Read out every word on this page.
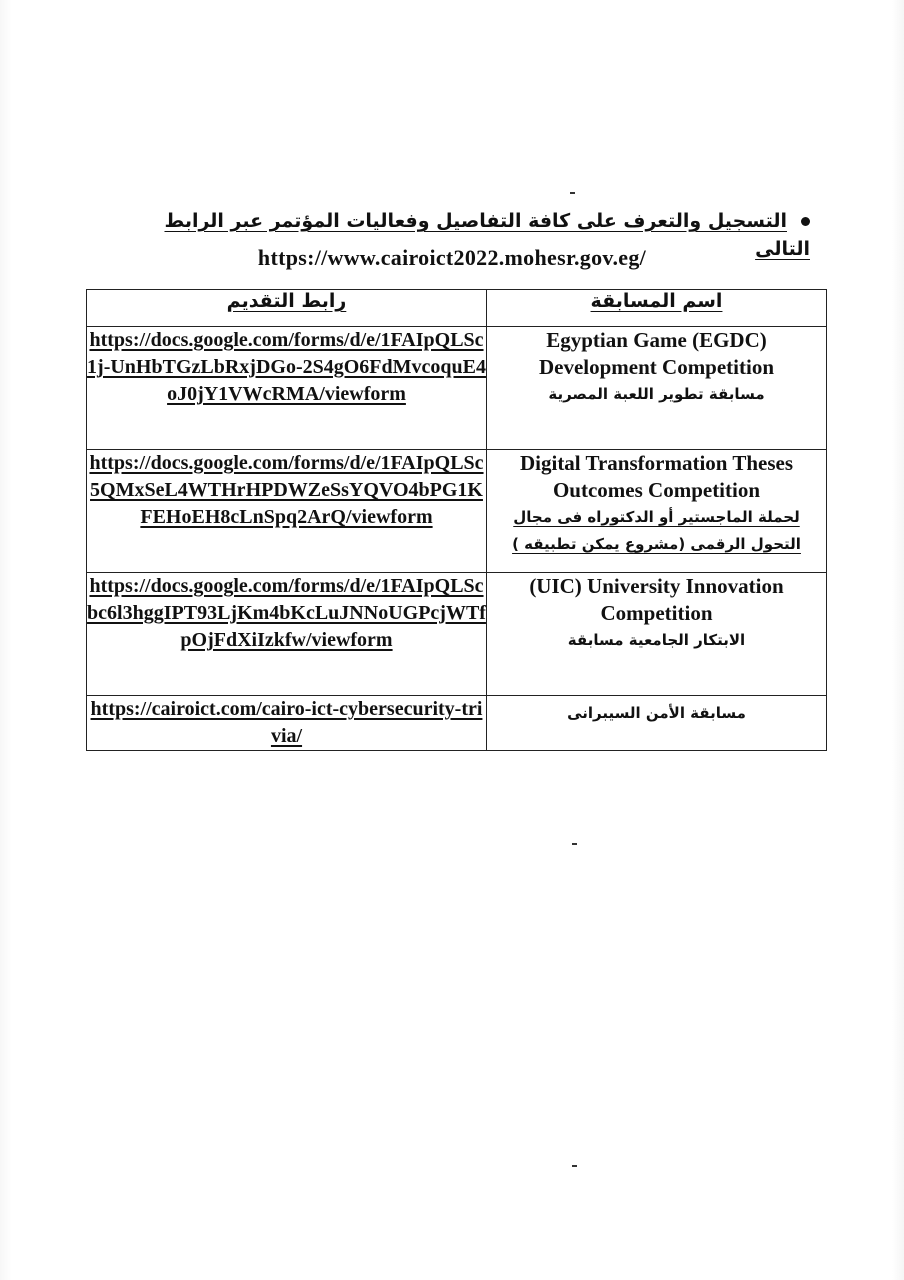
التسجيل والتعرف على كافة التفاصيل وفعاليات المؤتمر عبر الرابط التالى
https://www.cairoict2022.mohesr.gov.eg/
رابط التقديم	اسم المسابقة
https://docs.google.com/forms/d/e/1FAIpQLSc1j-UnHbTGzLbRxjDGo-2S4gO6FdMvcoquE4oJ0jY1VWcRMA/viewform	Egyptian Game (EGDC) Development Competition
مسابقة تطوير اللعبة المصرية

https://docs.google.com/forms/d/e/1FAIpQLSc5QMxSeL4WTHrHPDWZeSsYQVO4bPG1KFEHoEH8cLnSpq2ArQ/viewform	Digital Transformation Theses Outcomes Competition
لحملة الماجستير أو الدكتوراه فى مجال التحول الرقمى (مشروع يمكن تطبيقه )

https://docs.google.com/forms/d/e/1FAIpQLScbc6l3hggIPT93LjKm4bKcLuJNNoUGPcjWTfpOjFdXiIzkfw/viewform	(UIC) University Innovation Competition
الابتكار الجامعية مسابقة

https://cairoict.com/cairo-ict-cybersecurity-trivia/	مسابقة الأمن السيبرانى
